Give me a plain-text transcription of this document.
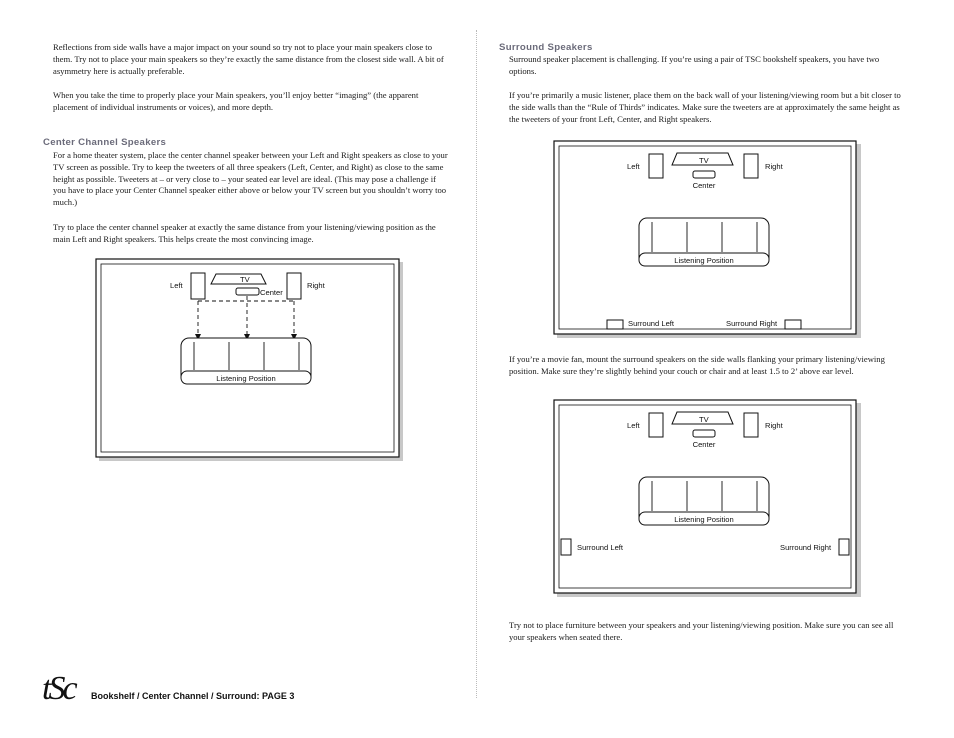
Reflections from side walls have a major impact on your sound so try not to place your main speakers close to them. Try not to place your main speakers so they’re exactly the same distance from the closest side wall. A bit of asymmetry here is actually preferable.

When you take the time to properly place your Main speakers, you’ll enjoy better “imaging” (the apparent placement of individual instruments or voices), and more depth.

Center Channel Speakers

For a home theater system, place the center channel speaker between your Left and Right speakers as close to your TV screen as possible. Try to keep the tweeters of all three speakers (Left, Center, and Right) as close to the same height as possible. Tweeters at – or very close to – your seated ear level are ideal. (This may pose a challenge if you have to place your Center Channel speaker either above or below your TV screen but you shouldn’t worry too much.)

Try to place the center channel speaker at exactly the same distance from your listening/viewing position as the main Left and Right speakers. This helps create the most convincing image.

Left
TV
Center
Right
Listening Position
Surround Speakers

Surround speaker placement is challenging. If you’re using a pair of TSC bookshelf speakers, you have two options.

If you’re primarily a music listener, place them on the back wall of your listening/viewing room but a bit closer to the side walls than the “Rule of Thirds” indicates. Make sure the tweeters are at approximately the same height as the tweeters of your front Left, Center, and Right speakers.

Left
TV
Center
Right
Listening Position
Surround Left	Surround Right

If you’re a movie fan, mount the surround speakers on the side walls flanking your primary listening/viewing position. Make sure they’re slightly behind your couch or chair and at least 1.5 to 2’ above ear level.

Left
TV
Center
Right
Listening Position
Surround Left	Surround Right

Try not to place furniture between your speakers and your listening/viewing position. Make sure you can see all your speakers when seated there.

tSc Bookshelf / Center Channel / Surround: PAGE 3
